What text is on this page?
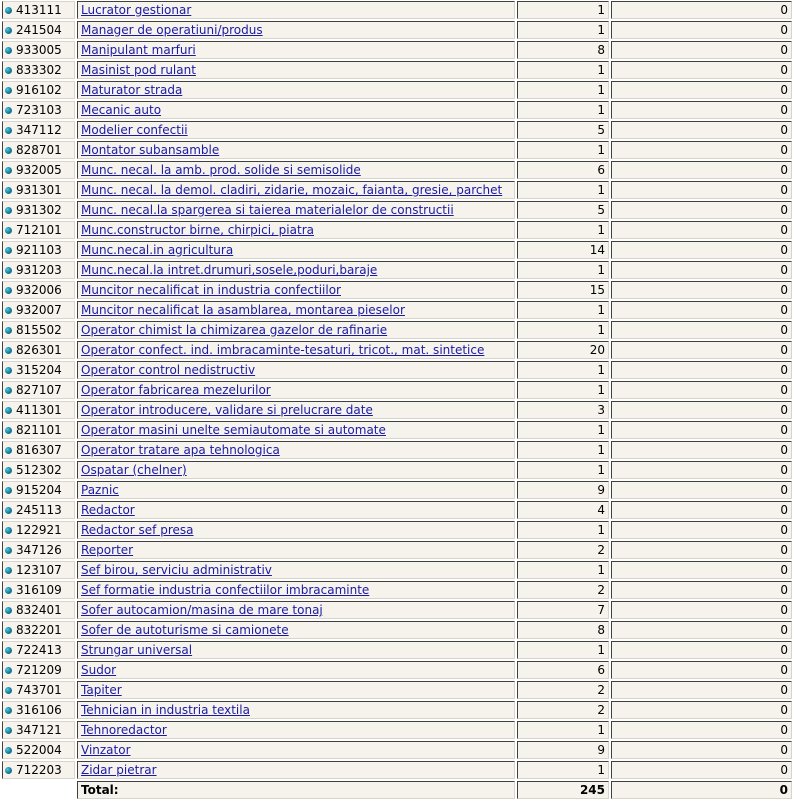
413111	Lucrator gestionar	1	0
241504	Manager de operatiuni/produs	1	0
933005	Manipulant marfuri	8	0
833302	Masinist pod rulant	1	0
916102	Maturator strada	1	0
723103	Mecanic auto	1	0
347112	Modelier confectii	5	0
828701	Montator subansamble	1	0
932005	Munc. necal. la amb. prod. solide si semisolide	6	0
931301	Munc. necal. la demol. cladiri, zidarie, mozaic, faianta, gresie, parchet	1	0
931302	Munc. necal.la spargerea si taierea materialelor de constructii	5	0
712101	Munc.constructor birne, chirpici, piatra	1	0
921103	Munc.necal.in agricultura	14	0
931203	Munc.necal.la intret.drumuri,sosele,poduri,baraje	1	0
932006	Muncitor necalificat in industria confectiilor	15	0
932007	Muncitor necalificat la asamblarea, montarea pieselor	1	0
815502	Operator chimist la chimizarea gazelor de rafinarie	1	0
826301	Operator confect. ind. imbracaminte-tesaturi, tricot., mat. sintetice	20	0
315204	Operator control nedistructiv	1	0
827107	Operator fabricarea mezelurilor	1	0
411301	Operator introducere, validare si prelucrare date	3	0
821101	Operator masini unelte semiautomate si automate	1	0
816307	Operator tratare apa tehnologica	1	0
512302	Ospatar (chelner)	1	0
915204	Paznic	9	0
245113	Redactor	4	0
122921	Redactor sef presa	1	0
347126	Reporter	2	0
123107	Sef birou, serviciu administrativ	1	0
316109	Sef formatie industria confectiilor imbracaminte	2	0
832401	Sofer autocamion/masina de mare tonaj	7	0
832201	Sofer de autoturisme si camionete	8	0
722413	Strungar universal	1	0
721209	Sudor	6	0
743701	Tapiter	2	0
316106	Tehnician in industria textila	2	0
347121	Tehnoredactor	1	0
522004	Vinzator	9	0
712203	Zidar pietrar	1	0
	Total:	245	0
